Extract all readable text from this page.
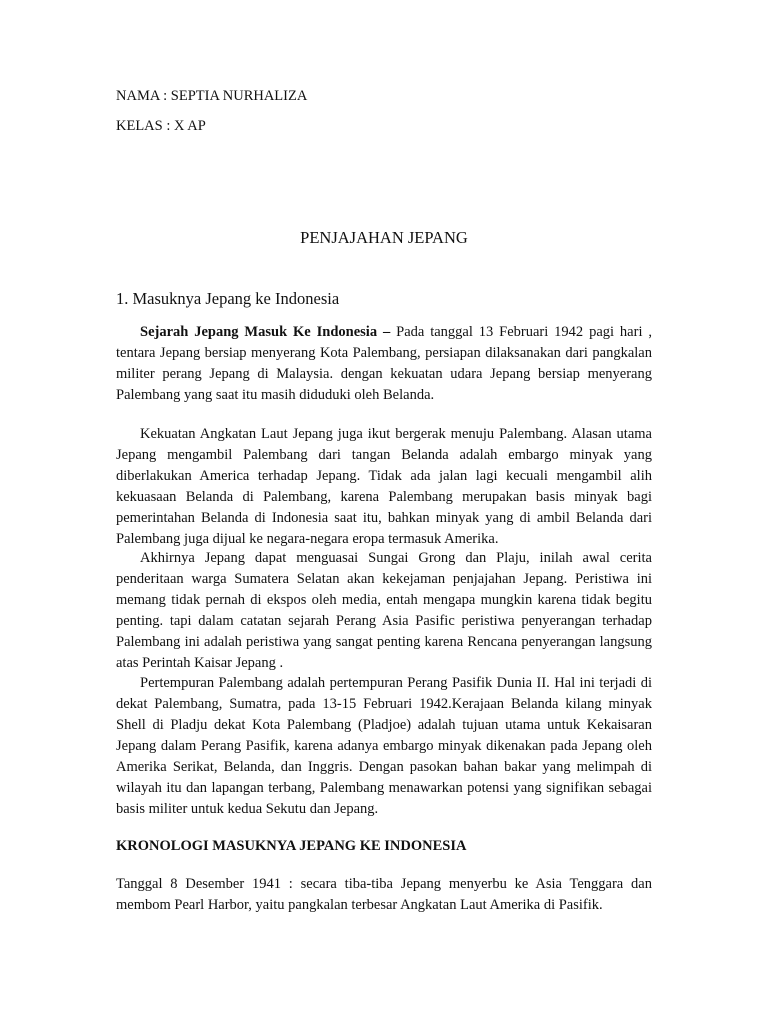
NAMA : SEPTIA NURHALIZA
KELAS : X AP
PENJAJAHAN JEPANG
1. Masuknya Jepang ke Indonesia

Sejarah Jepang Masuk Ke Indonesia – Pada tanggal 13 Februari 1942 pagi hari , tentara Jepang bersiap menyerang Kota Palembang, persiapan dilaksanakan dari pangkalan militer perang Jepang di Malaysia. dengan kekuatan udara Jepang bersiap menyerang Palembang yang saat itu masih diduduki oleh Belanda.

Kekuatan Angkatan Laut Jepang juga ikut bergerak menuju Palembang. Alasan utama Jepang mengambil Palembang dari tangan Belanda adalah embargo minyak yang diberlakukan America terhadap Jepang. Tidak ada jalan lagi kecuali mengambil alih kekuasaan Belanda di Palembang, karena Palembang merupakan basis minyak bagi pemerintahan Belanda di Indonesia saat itu, bahkan minyak yang di ambil Belanda dari Palembang juga dijual ke negara-negara eropa termasuk Amerika.

Akhirnya Jepang dapat menguasai Sungai Grong dan Plaju, inilah awal cerita penderitaan warga Sumatera Selatan akan kekejaman penjajahan Jepang. Peristiwa ini memang tidak pernah di ekspos oleh media, entah mengapa mungkin karena tidak begitu penting. tapi dalam catatan sejarah Perang Asia Pasific peristiwa penyerangan terhadap Palembang ini adalah peristiwa yang sangat penting karena Rencana penyerangan langsung atas Perintah Kaisar Jepang .

Pertempuran Palembang adalah pertempuran Perang Pasifik Dunia II. Hal ini terjadi di dekat Palembang, Sumatra, pada 13-15 Februari 1942.Kerajaan Belanda kilang minyak Shell di Pladju dekat Kota Palembang (Pladjoe) adalah tujuan utama untuk Kekaisaran Jepang dalam Perang Pasifik, karena adanya embargo minyak dikenakan pada Jepang oleh Amerika Serikat, Belanda, dan Inggris. Dengan pasokan bahan bakar yang melimpah di wilayah itu dan lapangan terbang, Palembang menawarkan potensi yang signifikan sebagai basis militer untuk kedua Sekutu dan Jepang.

KRONOLOGI MASUKNYA JEPANG KE INDONESIA

Tanggal 8 Desember 1941 : secara tiba-tiba Jepang menyerbu ke Asia Tenggara dan membom Pearl Harbor, yaitu pangkalan terbesar Angkatan Laut Amerika di Pasifik.
